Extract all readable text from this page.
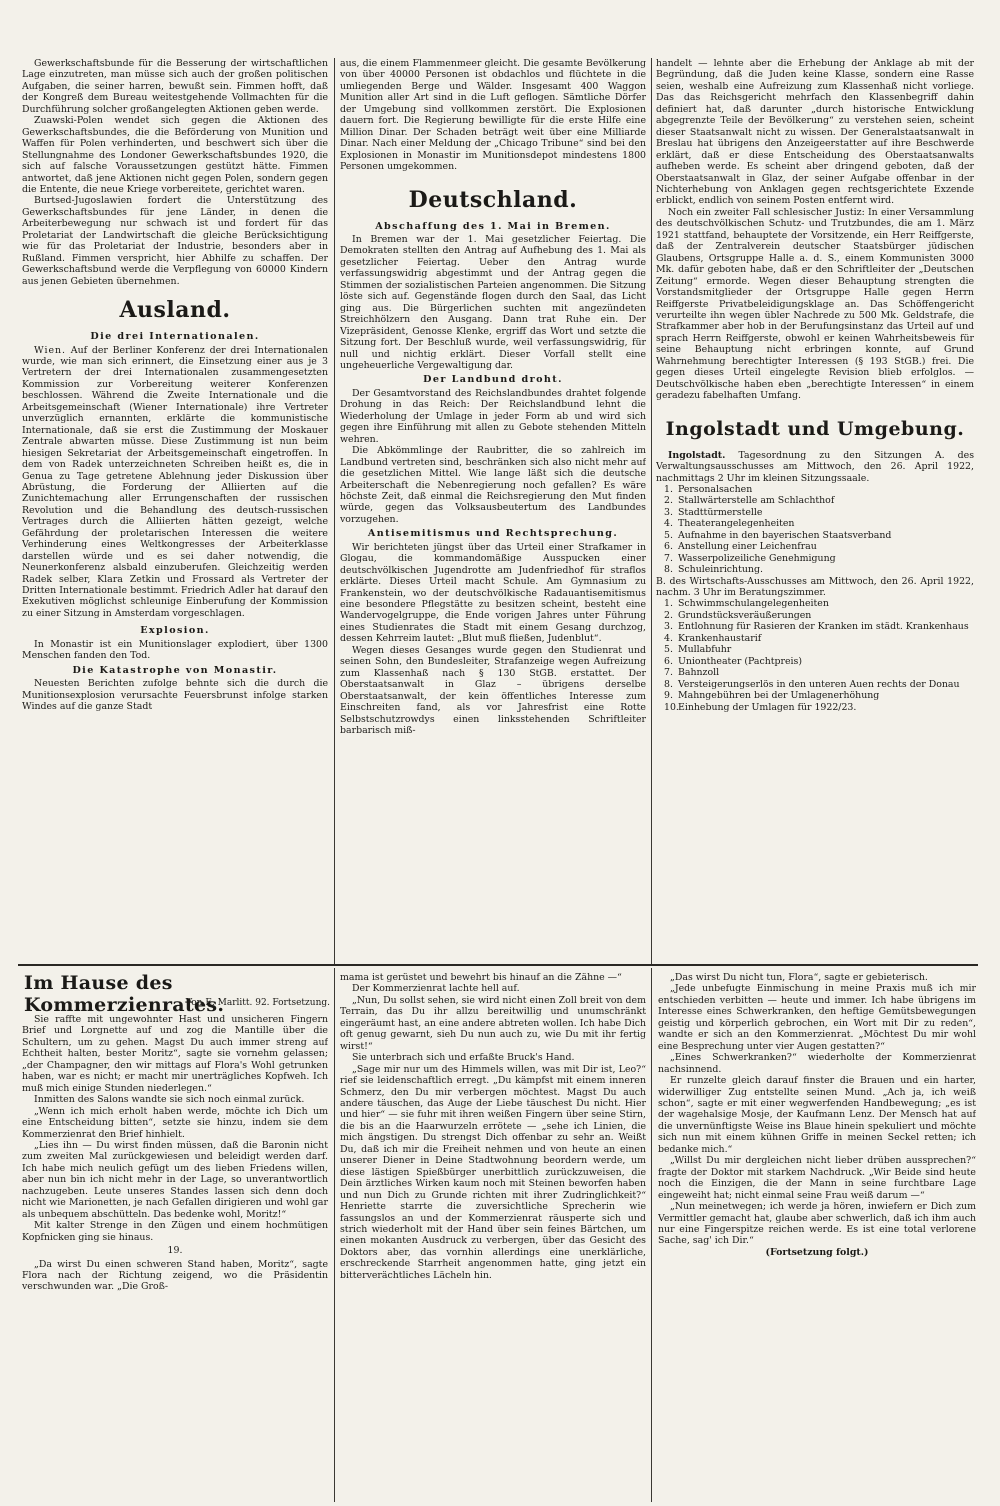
Gewerkschaftsbunde für die Besserung der wirtschaftlichen Lage einzutreten, man müsse sich auch der großen politischen Aufgaben, die seiner harren, bewußt sein. Fimmen hofft, daß der Kongreß dem Bureau weitestgehende Vollmachten für die Durchführung solcher großangelegten Aktionen geben werde.

Zuawski-Polen wendet sich gegen die Aktionen des Gewerkschaftsbundes, die die Beförderung von Munition und Waffen für Polen verhinderten, und beschwert sich über die Stellungnahme des Londoner Gewerkschaftsbundes 1920, die sich auf falsche Voraussetzungen gestützt hätte. Fimmen antwortet, daß jene Aktionen nicht gegen Polen, sondern gegen die Entente, die neue Kriege vorbereitete, gerichtet waren.

Burtsed-Jugoslawien fordert die Unterstützung des Gewerkschaftsbundes für jene Länder, in denen die Arbeiterbewegung nur schwach ist und fordert für das Proletariat der Landwirtschaft die gleiche Berücksichtigung wie für das Proletariat der Industrie, besonders aber in Rußland. Fimmen verspricht, hier Abhilfe zu schaffen. Der Gewerkschaftsbund werde die Verpflegung von 60000 Kindern aus jenen Gebieten übernehmen.

Ausland.
Die drei Internationalen.

Wien. Auf der Berliner Konferenz der drei Internationalen wurde, wie man sich erinnert, die Einsetzung einer aus je 3 Vertretern der drei Internationalen zusammengesetzten Kommission zur Vorbereitung weiterer Konferenzen beschlossen. Während die Zweite Internationale und die Arbeitsgemeinschaft (Wiener Internationale) ihre Vertreter unverzüglich ernannten, erklärte die kommunistische Internationale, daß sie erst die Zustimmung der Moskauer Zentrale abwarten müsse. Diese Zustimmung ist nun beim hiesigen Sekretariat der Arbeitsgemeinschaft eingetroffen. In dem von Radek unterzeichneten Schreiben heißt es, die in Genua zu Tage getretene Ablehnung jeder Diskussion über Abrüstung, die Forderung der Alliierten auf die Zunichtemachung aller Errungenschaften der russischen Revolution und die Behandlung des deutsch-russischen Vertrages durch die Alliierten hätten gezeigt, welche Gefährdung der proletarischen Interessen die weitere Verhinderung eines Weltkongresses der Arbeiterklasse darstellen würde und es sei daher notwendig, die Neunerkonferenz alsbald einzuberufen. Gleichzeitig werden Radek selber, Klara Zetkin und Frossard als Vertreter der Dritten Internationale bestimmt. Friedrich Adler hat darauf den Exekutiven möglichst schleunige Einberufung der Kommission zu einer Sitzung in Amsterdam vorgeschlagen.

Explosion.

In Monastir ist ein Munitionslager explodiert, über 1300 Menschen fanden den Tod.

Die Katastrophe von Monastir.

Neuesten Berichten zufolge behnte sich die durch die Munitionsexplosion verursachte Feuersbrunst infolge starken Windes auf die ganze Stadt

aus, die einem Flammenmeer gleicht. Die gesamte Bevölkerung von über 40000 Personen ist obdachlos und flüchtete in die umliegenden Berge und Wälder. Insgesamt 400 Waggon Munition aller Art sind in die Luft geflogen. Sämtliche Dörfer der Umgebung sind vollkommen zerstört. Die Explosionen dauern fort. Die Regierung bewilligte für die erste Hilfe eine Million Dinar. Der Schaden beträgt weit über eine Milliarde Dinar. Nach einer Meldung der „Chicago Tribune“ sind bei den Explosionen in Monastir im Munitionsdepot mindestens 1800 Personen umgekommen.

Deutschland.
Abschaffung des 1. Mai in Bremen.

In Bremen war der 1. Mai gesetzlicher Feiertag. Die Demokraten stellten den Antrag auf Aufhebung des 1. Mai als gesetzlicher Feiertag. Ueber den Antrag wurde verfassungswidrig abgestimmt und der Antrag gegen die Stimmen der sozialistischen Parteien angenommen. Die Sitzung löste sich auf. Gegenstände flogen durch den Saal, das Licht ging aus. Die Bürgerlichen suchten mit angezündeten Streichhölzern den Ausgang. Dann trat Ruhe ein. Der Vizepräsident, Genosse Klenke, ergriff das Wort und setzte die Sitzung fort. Der Beschluß wurde, weil verfassungswidrig, für null und nichtig erklärt. Dieser Vorfall stellt eine ungeheuerliche Vergewaltigung dar.

Der Landbund droht.

Der Gesamtvorstand des Reichslandbundes drahtet folgende Drohung in das Reich: Der Reichslandbund lehnt die Wiederholung der Umlage in jeder Form ab und wird sich gegen ihre Einführung mit allen zu Gebote stehenden Mitteln wehren.

Die Abkömmlinge der Raubritter, die so zahlreich im Landbund vertreten sind, beschränken sich also nicht mehr auf die gesetzlichen Mittel. Wie lange läßt sich die deutsche Arbeiterschaft die Nebenregierung noch gefallen? Es wäre höchste Zeit, daß einmal die Reichsregierung den Mut finden würde, gegen das Volksausbeutertum des Landbundes vorzugehen.

Antisemitismus und Rechtsprechung.

Wir berichteten jüngst über das Urteil einer Strafkamer in Glogau, die kommandomäßige Ausspucken einer deutschvölkischen Jugendrotte am Judenfriedhof für straflos erklärte. Dieses Urteil macht Schule. Am Gymnasium zu Frankenstein, wo der deutschvölkische Radauantisemitismus eine besondere Pflegstätte zu besitzen scheint, besteht eine Wandervogelgruppe, die Ende vorigen Jahres unter Führung eines Studienrates die Stadt mit einem Gesang durchzog, dessen Kehrreim lautet: „Blut muß fließen, Judenblut“.

Wegen dieses Gesanges wurde gegen den Studienrat und seinen Sohn, den Bundesleiter, Strafanzeige wegen Aufreizung zum Klassenhaß nach § 130 StGB. erstattet. Der Oberstaatsanwalt in Glaz – übrigens derselbe Oberstaatsanwalt, der kein öffentliches Interesse zum Einschreiten fand, als vor Jahresfrist eine Rotte Selbstschutzrowdys einen linksstehenden Schriftleiter barbarisch miß-

handelt — lehnte aber die Erhebung der Anklage ab mit der Begründung, daß die Juden keine Klasse, sondern eine Rasse seien, weshalb eine Aufreizung zum Klassenhaß nicht vorliege. Das das Reichsgericht mehrfach den Klassenbegriff dahin definiert hat, daß darunter „durch historische Entwicklung abgegrenzte Teile der Bevölkerung“ zu verstehen seien, scheint dieser Staatsanwalt nicht zu wissen. Der Generalstaatsanwalt in Breslau hat übrigens den Anzeigeerstatter auf ihre Beschwerde erklärt, daß er diese Entscheidung des Oberstaatsanwalts aufheben werde. Es scheint aber dringend geboten, daß der Oberstaatsanwalt in Glaz, der seiner Aufgabe offenbar in der Nichterhebung von Anklagen gegen rechtsgerichtete Exzende erblickt, endlich von seinem Posten entfernt wird.

Noch ein zweiter Fall schlesischer Justiz: In einer Versammlung des deutschvölkischen Schutz- und Trutzbundes, die am 1. März 1921 stattfand, behauptete der Vorsitzende, ein Herr Reiffgerste, daß der Zentralverein deutscher Staatsbürger jüdischen Glaubens, Ortsgruppe Halle a. d. S., einem Kommunisten 3000 Mk. dafür geboten habe, daß er den Schriftleiter der „Deutschen Zeitung“ ermorde. Wegen dieser Behauptung strengten die Vorstandsmitglieder der Ortsgruppe Halle gegen Herrn Reiffgerste Privatbeleidigungsklage an. Das Schöffengericht verurteilte ihn wegen übler Nachrede zu 500 Mk. Geldstrafe, die Strafkammer aber hob in der Berufungsinstanz das Urteil auf und sprach Herrn Reiffgerste, obwohl er keinen Wahrheitsbeweis für seine Behauptung nicht erbringen konnte, auf Grund Wahrnehmung berechtigter Interessen (§ 193 StGB.) frei. Die gegen dieses Urteil eingelegte Revision blieb erfolglos. — Deutschvölkische haben eben „berechtigte Interessen“ in einem geradezu fabelhaften Umfang.

Ingolstadt und Umgebung.

Ingolstadt. Tagesordnung zu den Sitzungen A. des Verwaltungsausschusses am Mittwoch, den 26. April 1922, nachmittags 2 Uhr im kleinen Sitzungssaale.

1. Personalsachen
2. Stallwärterstelle am Schlachthof
3. Stadttürmerstelle
4. Theaterangelegenheiten
5. Aufnahme in den bayerischen Staatsverband
6. Anstellung einer Leichenfrau
7. Wasserpolizeiliche Genehmigung
8. Schuleinrichtung.

B. des Wirtschafts-Ausschusses am Mittwoch, den 26. April 1922, nachm. 3 Uhr im Beratungszimmer.

1. Schwimmschulangelegenheiten
2. Grundstücksveräußerungen
3. Entlohnung für Rasieren der Kranken im städt. Krankenhaus
4. Krankenhaustarif
5. Mullabfuhr
6. Uniontheater (Pachtpreis)
7. Bahnzoll
8. Versteigerungserlös in den unteren Auen rechts der Donau
9. Mahngebühren bei der Umlagenerhöhung
10.Einhebung der Umlagen für 1922/23.
Im Hause des Kommerzienrates.
Von E. Marlitt. 92. Fortsetzung.

Sie raffte mit ungewohnter Hast und unsicheren Fingern Brief und Lorgnette auf und zog die Mantille über die Schultern, um zu gehen. Magst Du auch immer streng auf Echtheit halten, bester Moritz“, sagte sie vornehm gelassen; „der Champagner, den wir mittags auf Flora's Wohl getrunken haben, war es nicht; er macht mir unerträgliches Kopfweh. Ich muß mich einige Stunden niederlegen.“

Inmitten des Salons wandte sie sich noch einmal zurück.

„Wenn ich mich erholt haben werde, möchte ich Dich um eine Entscheidung bitten“, setzte sie hinzu, indem sie dem Kommerzienrat den Brief hinhielt.

„Lies ihn — Du wirst finden müssen, daß die Baronin nicht zum zweiten Mal zurückgewiesen und beleidigt werden darf. Ich habe mich neulich gefügt um des lieben Friedens willen, aber nun bin ich nicht mehr in der Lage, so unverantwortlich nachzugeben. Leute unseres Standes lassen sich denn doch nicht wie Marionetten, je nach Gefallen dirigieren und wohl gar als unbequem abschütteln. Das bedenke wohl, Moritz!“

Mit kalter Strenge in den Zügen und einem hochmütigen Kopfnicken ging sie hinaus.

19.

„Da wirst Du einen schweren Stand haben, Moritz“, sagte Flora nach der Richtung zeigend, wo die Präsidentin verschwunden war. „Die Groß-

mama ist gerüstet und bewehrt bis hinauf an die Zähne —“

Der Kommerzienrat lachte hell auf.

„Nun, Du sollst sehen, sie wird nicht einen Zoll breit von dem Terrain, das Du ihr allzu bereitwillig und unumschränkt eingeräumt hast, an eine andere abtreten wollen. Ich habe Dich oft genug gewarnt, sieh Du nun auch zu, wie Du mit ihr fertig wirst!“

Sie unterbrach sich und erfaßte Bruck's Hand.

„Sage mir nur um des Himmels willen, was mit Dir ist, Leo?“ rief sie leidenschaftlich erregt. „Du kämpfst mit einem inneren Schmerz, den Du mir verbergen möchtest. Magst Du auch andere täuschen, das Auge der Liebe täuschest Du nicht. Hier und hier“ — sie fuhr mit ihren weißen Fingern über seine Stirn, die bis an die Haarwurzeln errötete — „sehe ich Linien, die mich ängstigen. Du strengst Dich offenbar zu sehr an. Weißt Du, daß ich mir die Freiheit nehmen und von heute an einen unserer Diener in Deine Stadtwohnung beordern werde, um diese lästigen Spießbürger unerbittlich zurückzuweisen, die Dein ärztliches Wirken kaum noch mit Steinen beworfen haben und nun Dich zu Grunde richten mit ihrer Zudringlichkeit?“ Henriette starrte die zuversichtliche Sprecherin wie fassungslos an und der Kommerzienrat räusperte sich und strich wiederholt mit der Hand über sein feines Bärtchen, um einen mokanten Ausdruck zu verbergen, über das Gesicht des Doktors aber, das vornhin allerdings eine unerklärliche, erschreckende Starrheit angenommen hatte, ging jetzt ein bitterverächtliches Lächeln hin.

„Das wirst Du nicht tun, Flora“, sagte er gebieterisch.

„Jede unbefugte Einmischung in meine Praxis muß ich mir entschieden verbitten — heute und immer. Ich habe übrigens im Interesse eines Schwerkranken, den heftige Gemütsbewegungen geistig und körperlich gebrochen, ein Wort mit Dir zu reden“, wandte er sich an den Kommerzienrat. „Möchtest Du mir wohl eine Besprechung unter vier Augen gestatten?“

„Eines Schwerkranken?“ wiederholte der Kommerzienrat nachsinnend.

Er runzelte gleich darauf finster die Brauen und ein harter, widerwilliger Zug entstellte seinen Mund. „Ach ja, ich weiß schon“, sagte er mit einer wegwerfenden Handbewegung; „es ist der wagehalsige Mosje, der Kaufmann Lenz. Der Mensch hat auf die unvernünftigste Weise ins Blaue hinein spekuliert und möchte sich nun mit einem kühnen Griffe in meinen Seckel retten; ich bedanke mich.“

„Willst Du mir dergleichen nicht lieber drüben aussprechen?“ fragte der Doktor mit starkem Nachdruck. „Wir Beide sind heute noch die Einzigen, die der Mann in seine furchtbare Lage eingeweiht hat; nicht einmal seine Frau weiß darum —“

„Nun meinetwegen; ich werde ja hören, inwiefern er Dich zum Vermittler gemacht hat, glaube aber schwerlich, daß ich ihm auch nur eine Fingerspitze reichen werde. Es ist eine total verlorene Sache, sag' ich Dir.“

(Fortsetzung folgt.)
